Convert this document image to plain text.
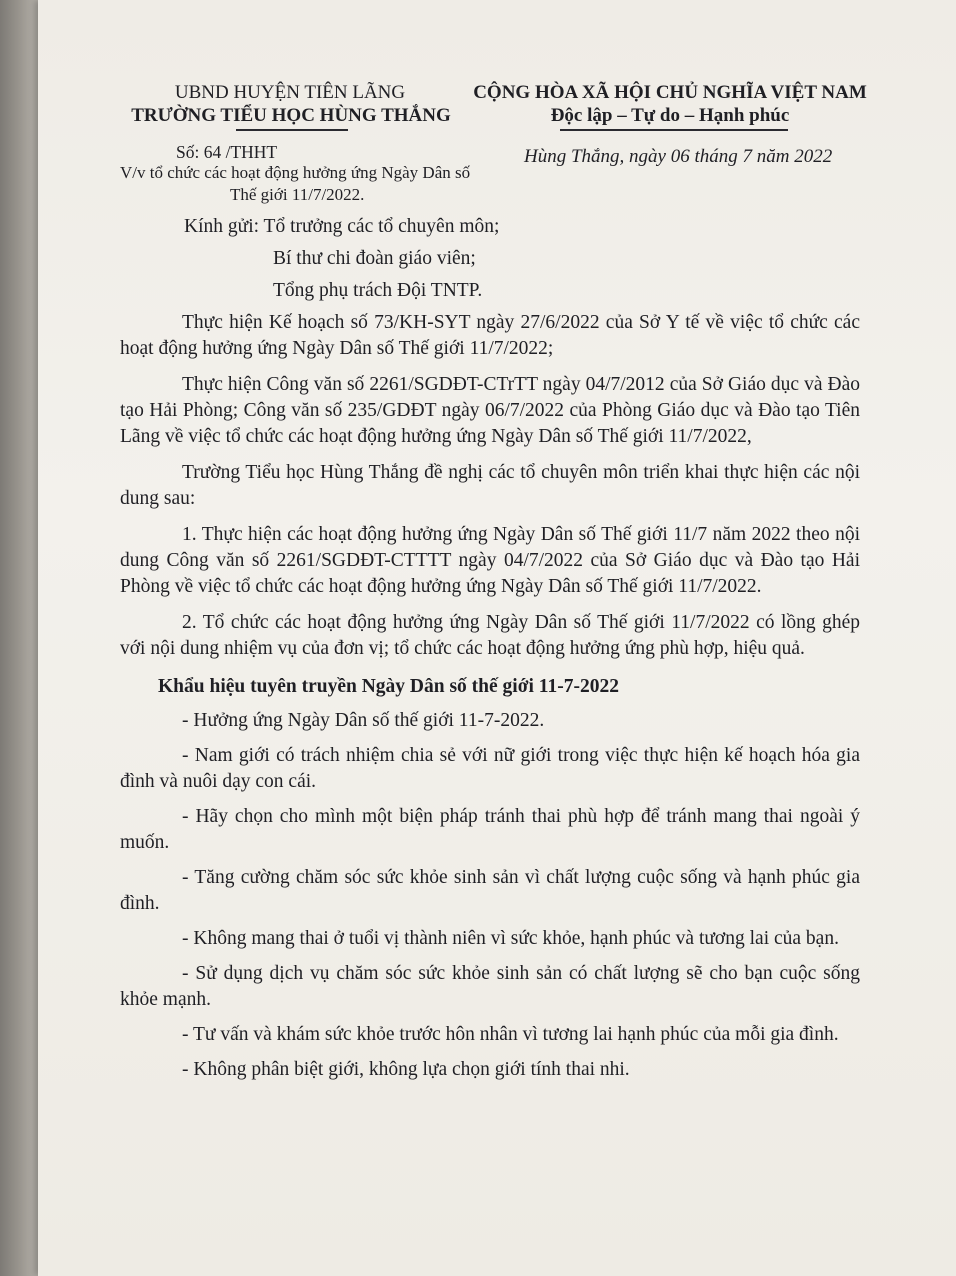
UBND HUYỆN TIÊN LÃNG
TRƯỜNG TIỂU HỌC HÙNG THẮNG
CỘNG HÒA XÃ HỘI CHỦ NGHĨA VIỆT NAM
Độc lập – Tự do – Hạnh phúc
Số: 64 /THHT
V/v tổ chức các hoạt động hưởng ứng Ngày Dân số
Thế giới 11/7/2022.
Hùng Thắng, ngày 06 tháng 7 năm 2022
Kính gửi: Tổ trưởng các tổ chuyên môn;
Bí thư chi đoàn giáo viên;
Tổng phụ trách Đội TNTP.

Thực hiện Kế hoạch số 73/KH-SYT ngày 27/6/2022 của Sở Y tế về việc tổ chức các hoạt động hưởng ứng Ngày Dân số Thế giới 11/7/2022;

Thực hiện Công văn số 2261/SGDĐT-CTrTT ngày 04/7/2012 của Sở Giáo dục và Đào tạo Hải Phòng; Công văn số 235/GDĐT ngày 06/7/2022 của Phòng Giáo dục và Đào tạo Tiên Lãng về việc tổ chức các hoạt động hưởng ứng Ngày Dân số Thế giới 11/7/2022,

Trường Tiểu học Hùng Thắng đề nghị các tổ chuyên môn triển khai thực hiện các nội dung sau:

1. Thực hiện các hoạt động hưởng ứng Ngày Dân số Thế giới 11/7 năm 2022 theo nội dung Công văn số 2261/SGDĐT-CTTTT ngày 04/7/2022 của Sở Giáo dục và Đào tạo Hải Phòng về việc tổ chức các hoạt động hưởng ứng Ngày Dân số Thế giới 11/7/2022.

2. Tổ chức các hoạt động hưởng ứng Ngày Dân số Thế giới 11/7/2022 có lồng ghép với nội dung nhiệm vụ của đơn vị; tổ chức các hoạt động hưởng ứng phù hợp, hiệu quả.

Khẩu hiệu tuyên truyền Ngày Dân số thế giới 11-7-2022

- Hưởng ứng Ngày Dân số thế giới 11-7-2022.

- Nam giới có trách nhiệm chia sẻ với nữ giới trong việc thực hiện kế hoạch hóa gia đình và nuôi dạy con cái.

- Hãy chọn cho mình một biện pháp tránh thai phù hợp để tránh mang thai ngoài ý muốn.

- Tăng cường chăm sóc sức khỏe sinh sản vì chất lượng cuộc sống và hạnh phúc gia đình.

- Không mang thai ở tuổi vị thành niên vì sức khỏe, hạnh phúc và tương lai của bạn.

- Sử dụng dịch vụ chăm sóc sức khỏe sinh sản có chất lượng sẽ cho bạn cuộc sống khỏe mạnh.

- Tư vấn và khám sức khỏe trước hôn nhân vì tương lai hạnh phúc của mỗi gia đình.

- Không phân biệt giới, không lựa chọn giới tính thai nhi.
